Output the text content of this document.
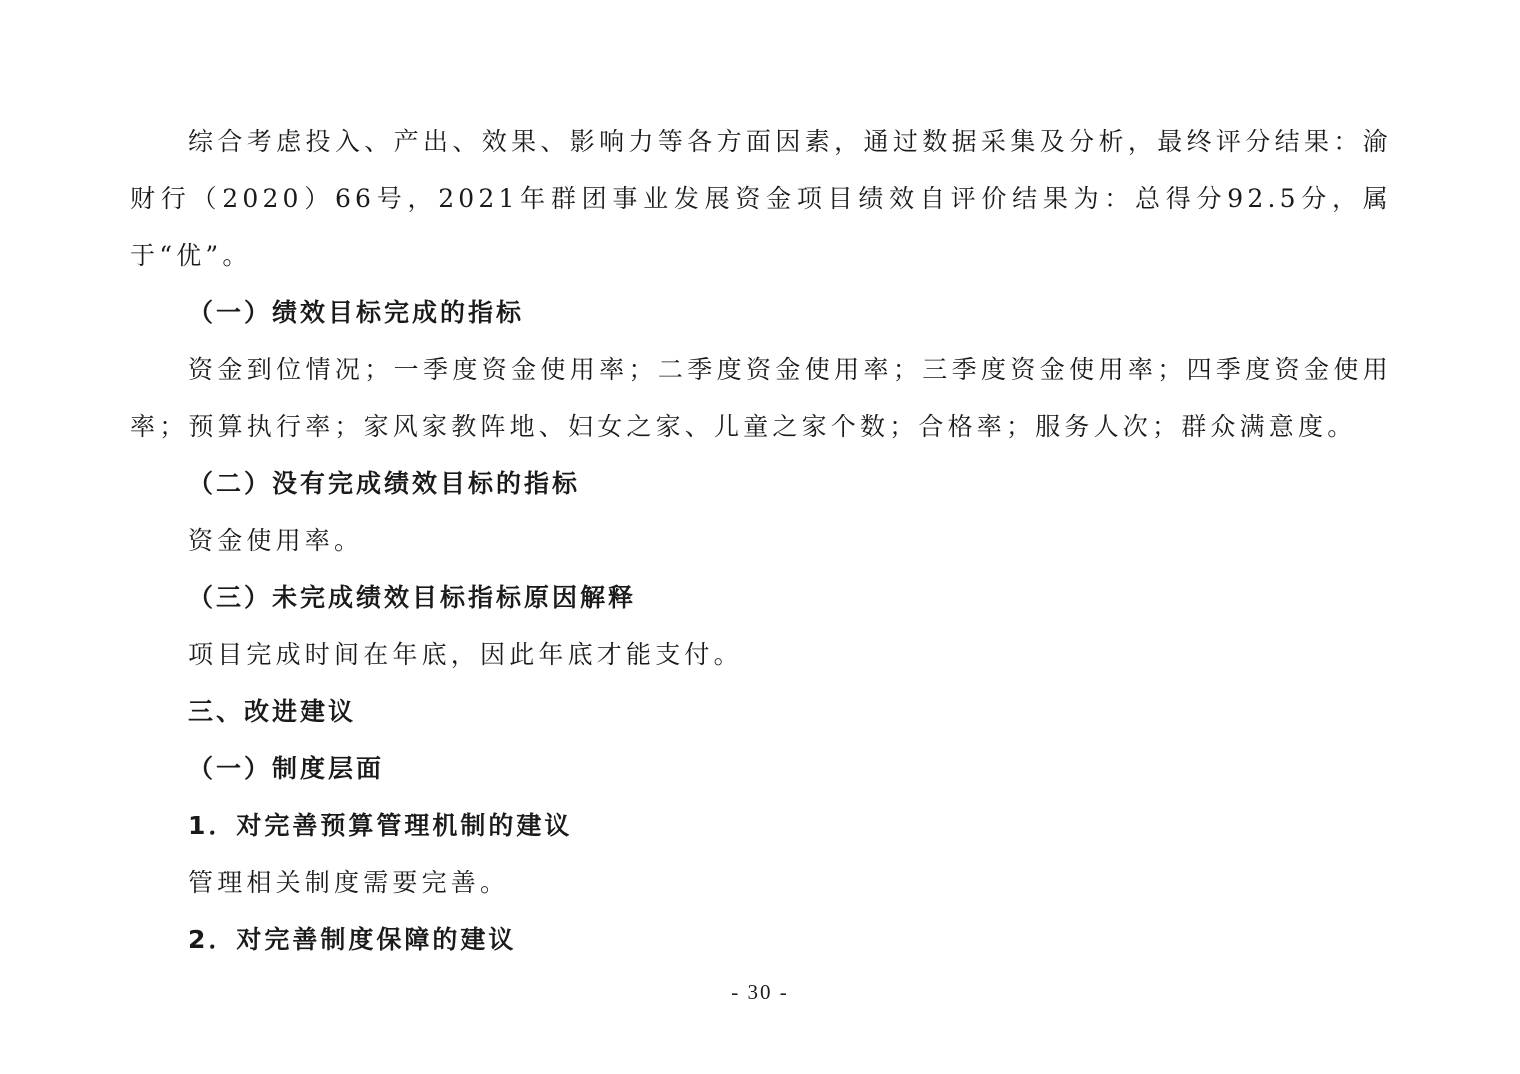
综合考虑投入、产出、效果、影响力等各方面因素，通过数据采集及分析，最终评分结果：渝财行（2020）66号，2021年群团事业发展资金项目绩效自评价结果为：总得分92.5分，属于“优”。

（一）绩效目标完成的指标

资金到位情况；一季度资金使用率；二季度资金使用率；三季度资金使用率；四季度资金使用率；预算执行率；家风家教阵地、妇女之家、儿童之家个数；合格率；服务人次；群众满意度。

（二）没有完成绩效目标的指标

资金使用率。

（三）未完成绩效目标指标原因解释

项目完成时间在年底，因此年底才能支付。

三、改进建议

（一）制度层面

1．对完善预算管理机制的建议

管理相关制度需要完善。

2．对完善制度保障的建议

- 30 -
